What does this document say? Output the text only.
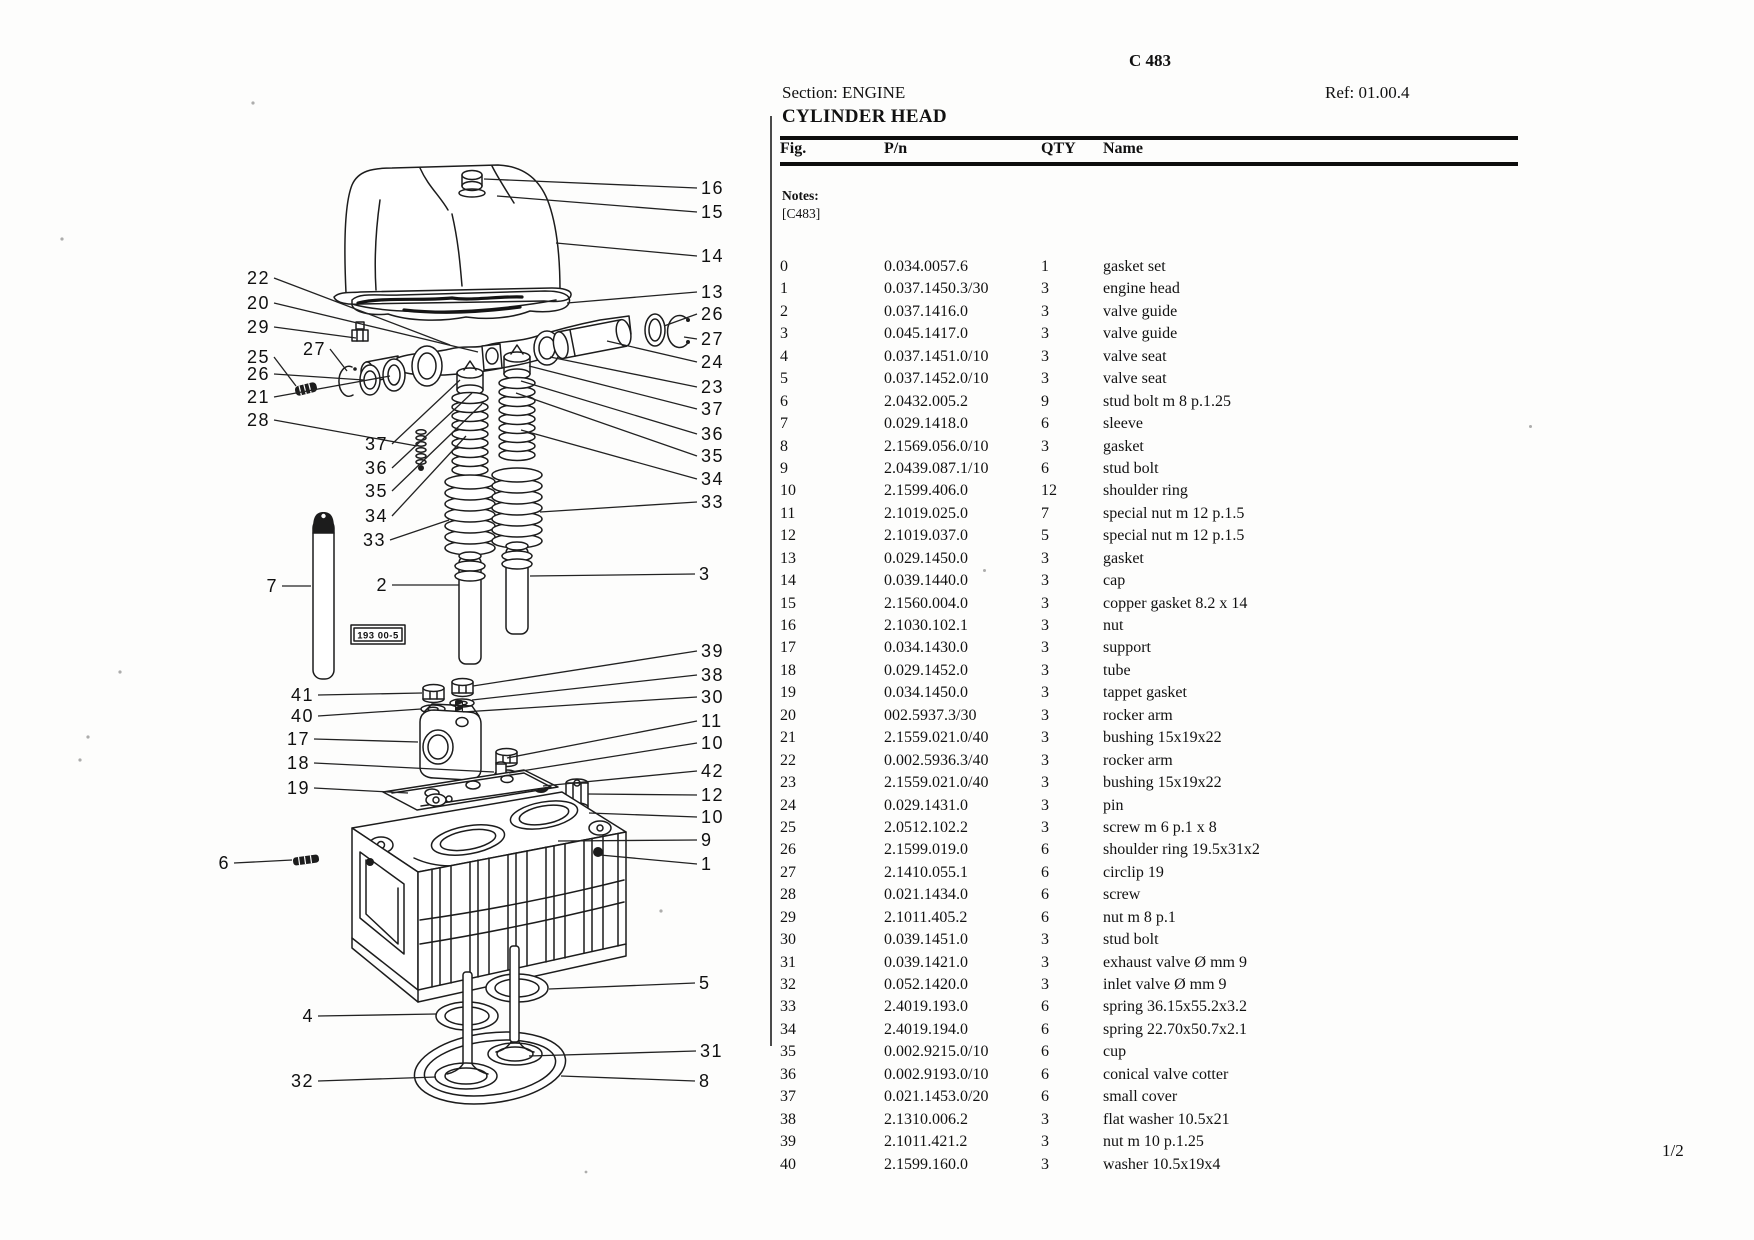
193 00-5
22
20
29
27
25
26
21
28
37
36
35
34
33
7	2
41
40
17
18
19
6
4
32
16
15
14
13
26
27
24
23
37
36
35
34
33
3
39
38
30
11
10
42
12
10
9
1
5
31
8
C 483
Section: ENGINE	Ref: 01.00.4
CYLINDER HEAD
Fig.	P/n	QTY	Name
Notes:
[C483]
0	0.034.0057.6	1	gasket set
1	0.037.1450.3/30	3	engine head
2	0.037.1416.0	3	valve guide
3	0.045.1417.0	3	valve guide
4	0.037.1451.0/10	3	valve seat
5	0.037.1452.0/10	3	valve seat
6	2.0432.005.2	9	stud bolt m 8 p.1.25
7	0.029.1418.0	6	sleeve
8	2.1569.056.0/10	3	gasket
9	2.0439.087.1/10	6	stud bolt
10	2.1599.406.0	12	shoulder ring
11	2.1019.025.0	7	special nut m 12 p.1.5
12	2.1019.037.0	5	special nut m 12 p.1.5
13	0.029.1450.0	3	gasket
14	0.039.1440.0	3	cap
15	2.1560.004.0	3	copper gasket 8.2 x 14
16	2.1030.102.1	3	nut
17	0.034.1430.0	3	support
18	0.029.1452.0	3	tube
19	0.034.1450.0	3	tappet gasket
20	002.5937.3/30	3	rocker arm
21	2.1559.021.0/40	3	bushing 15x19x22
22	0.002.5936.3/40	3	rocker arm
23	2.1559.021.0/40	3	bushing 15x19x22
24	0.029.1431.0	3	pin
25	2.0512.102.2	3	screw m 6 p.1 x 8
26	2.1599.019.0	6	shoulder ring 19.5x31x2
27	2.1410.055.1	6	circlip 19
28	0.021.1434.0	6	screw
29	2.1011.405.2	6	nut m 8 p.1
30	0.039.1451.0	3	stud bolt
31	0.039.1421.0	3	exhaust valve Ø mm 9
32	0.052.1420.0	3	inlet valve Ø mm 9
33	2.4019.193.0	6	spring 36.15x55.2x3.2
34	2.4019.194.0	6	spring 22.70x50.7x2.1
35	0.002.9215.0/10	6	cup
36	0.002.9193.0/10	6	conical valve cotter
37	0.021.1453.0/20	6	small cover
38	2.1310.006.2	3	flat washer 10.5x21
39	2.1011.421.2	3	nut m 10 p.1.25
40	2.1599.160.0	3	washer 10.5x19x4
1/2
